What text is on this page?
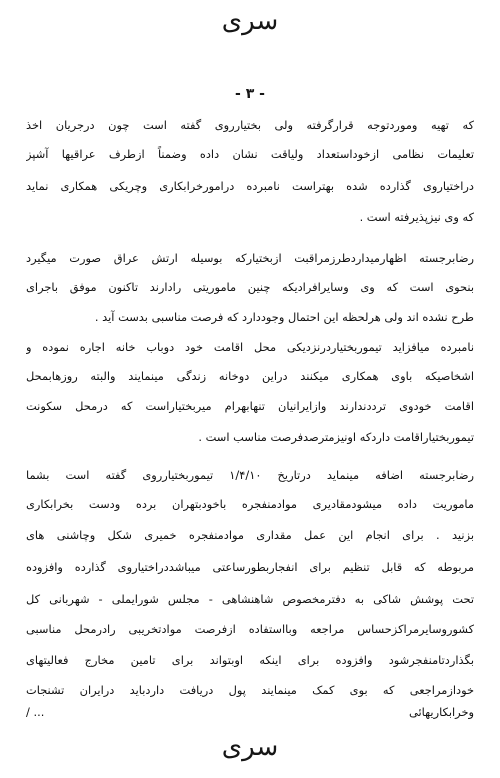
سری
- ۳ -
که تهیه وموردتوجه قرارگرفته ولی بختیارروی گفته است چون درجریان اخذ
تعلیمات نظامی ازخوداستعداد ولیاقت نشان داده وضمناً ازطرف عراقیها آشپز
دراختیاروی گذارده شده بهتراست نامبرده درامورخرابکاری وچریکی همکاری نماید
که وی نیزپذیرفته است .
رضابرجسته اظهارمیداردطرزمراقبت ازبختیارکه بوسیله ارتش عراق صورت میگیرد
بنحوی است که وی وسایرافرادیکه چنین ماموریتی رادارند تاکنون موفق باجرای
طرح نشده اند ولی هرلحظه این احتمال وجوددارد که فرصت مناسبی بدست آید .
نامبرده میافزاید تیموربختیاردرنزدیکی محل اقامت خود دوباب خانه اجاره نموده و
اشخاصیکه باوی همکاری میکنند دراین دوخانه زندگی مینمایند والبته روزهابمحل
اقامت خودوی ترددندارند وازایرانیان تنهابهرام میربختیاراست که درمحل سکونت
تیموربختیاراقامت داردکه اونیزمترصدفرصت مناسب است .
رضابرجسته اضافه مینماید درتاریخ ۱/۴/۱۰ تیموربختیارروی گفته است بشما
ماموریت داده میشودمقادیری موادمنفجره باخودبتهران برده ودست بخرابکاری
بزنید . برای انجام این عمل مقداری موادمنفجره خمیری شکل وچاشنی های
مربوطه که قابل تنظیم برای انفجاربطورساعتی میباشددراختیاروی گذارده وافزوده
تحت پوشش شاکی به دفترمخصوص شاهنشاهی - مجلس شورایملی - شهربانی کل
کشوروسایرمراکزحساس مراجعه وبااستفاده ازفرصت موادتخریبی رادرمحل مناسبی
بگذاردتامنفجرشود وافزوده برای اینکه اوبتواند برای تامین مخارج فعالیتهای
خودازمراجعی که بوی کمک مینمایند پول دریافت داردباید درایران تشنجات
وخرابکاریهائی
/ ...
سری
